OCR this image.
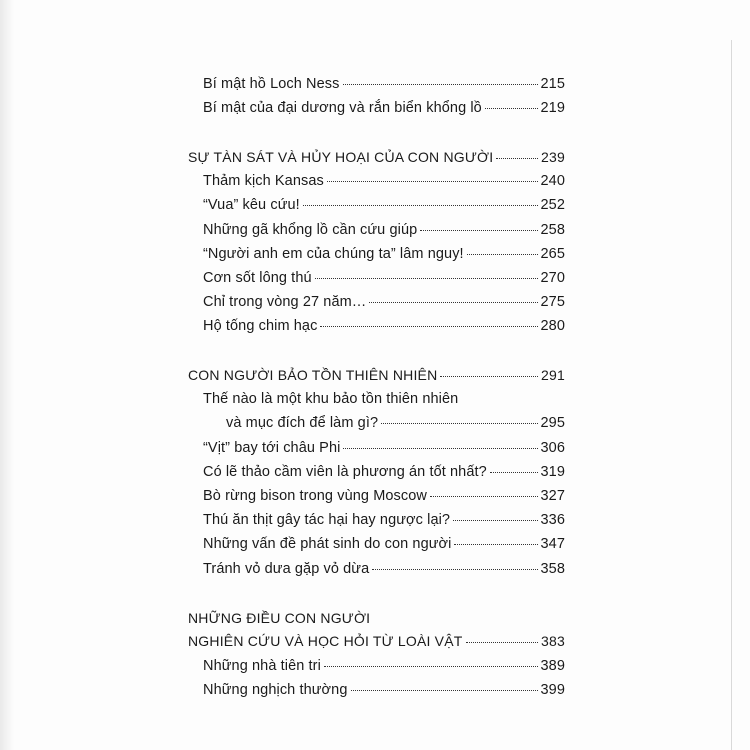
Bí mật hồ Loch Ness	215
Bí mật của đại dương và rắn biển khổng lồ	219
SỰ TÀN SÁT VÀ HỦY HOẠI CỦA CON NGƯỜI	239
Thảm kịch Kansas	240
“Vua” kêu cứu!	252
Những gã khổng lồ cần cứu giúp	258
“Người anh em của chúng ta” lâm nguy!	265
Cơn sốt lông thú	270
Chỉ trong vòng 27 năm…	275
Hộ tống chim hạc	280
CON NGƯỜI BẢO TỒN THIÊN NHIÊN	291
Thế nào là một khu bảo tồn thiên nhiên
và mục đích để làm gì?	295
“Vịt” bay tới châu Phi	306
Có lẽ thảo cầm viên là phương án tốt nhất?	319
Bò rừng bison trong vùng Moscow	327
Thú ăn thịt gây tác hại hay ngược lại?	336
Những vấn đề phát sinh do con người	347
Tránh vỏ dưa gặp vỏ dừa	358
NHỮNG ĐIỀU CON NGƯỜI
NGHIÊN CỨU VÀ HỌC HỎI TỪ LOÀI VẬT	383
Những nhà tiên tri	389
Những nghịch thường	399
